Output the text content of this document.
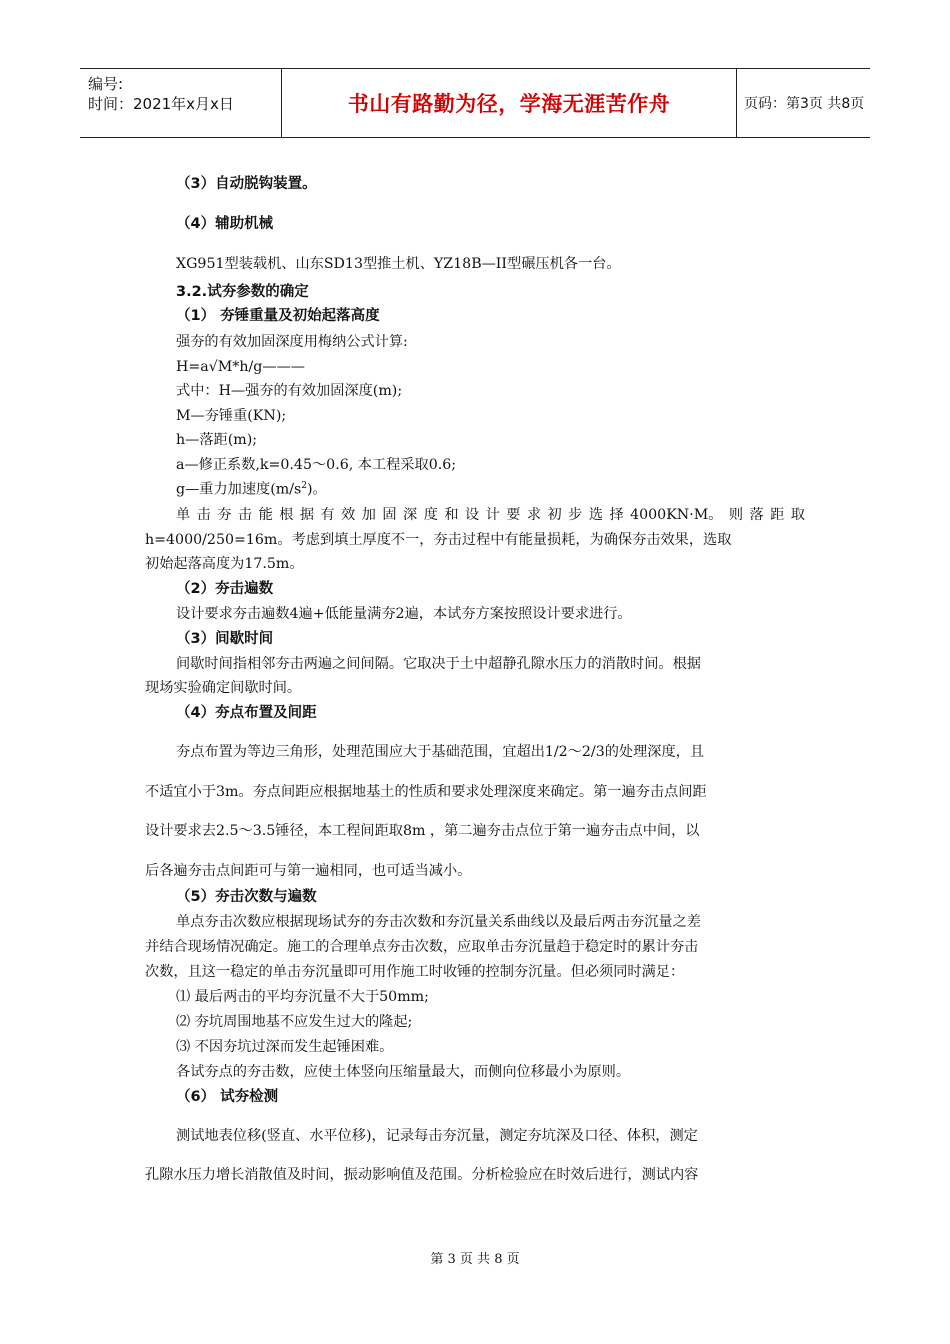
编号:
时间：2021年x月x日	书山有路勤为径，学海无涯苦作舟	页码：第3页 共8页
（3）自动脱钩装置。
（4）辅助机械
XG951型装载机、山东SD13型推土机、YZ18B—II型碾压机各一台。
3.2.试夯参数的确定
（1） 夯锤重量及初始起落高度
强夯的有效加固深度用梅纳公式计算:
H=a√M*h/g———
式中：H—强夯的有效加固深度(m);
M—夯锤重(KN);
h—落距(m);
a—修正系数,k=0.45～0.6, 本工程采取0.6;
g—重力加速度$(m/s^2)$。
单 击 夯 击 能 根 据 有 效 加 固 深 度 和 设 计 要 求 初 步 选 择 4000KN·M。 则 落 距 取
h=4000/250=16m。考虑到填土厚度不一，夯击过程中有能量损耗，为确保夯击效果，选取
初始起落高度为17.5m。
（2）夯击遍数
设计要求夯击遍数4遍+低能量满夯2遍，本试夯方案按照设计要求进行。
（3）间歇时间
间歇时间指相邻夯击两遍之间间隔。它取决于土中超静孔隙水压力的消散时间。根据
现场实验确定间歇时间。
（4）夯点布置及间距
夯点布置为等边三角形，处理范围应大于基础范围，宜超出1/2～2/3的处理深度，且
不适宜小于3m。夯点间距应根据地基土的性质和要求处理深度来确定。第一遍夯击点间距
设计要求去2.5～3.5锤径，本工程间距取8m ，第二遍夯击点位于第一遍夯击点中间，以
后各遍夯击点间距可与第一遍相同，也可适当减小。
（5）夯击次数与遍数
单点夯击次数应根据现场试夯的夯击次数和夯沉量关系曲线以及最后两击夯沉量之差
并结合现场情况确定。施工的合理单点夯击次数，应取单击夯沉量趋于稳定时的累计夯击
次数，且这一稳定的单击夯沉量即可用作施工时收锤的控制夯沉量。但必须同时满足：
⑴ 最后两击的平均夯沉量不大于50mm;
⑵ 夯坑周围地基不应发生过大的隆起;
⑶ 不因夯坑过深而发生起锤困难。
各试夯点的夯击数，应使土体竖向压缩量最大，而侧向位移最小为原则。
（6） 试夯检测
测试地表位移(竖直、水平位移)，记录每击夯沉量，测定夯坑深及口径、体积，测定
孔隙水压力增长消散值及时间，振动影响值及范围。分析检验应在时效后进行，测试内容
第 3 页 共 8 页
